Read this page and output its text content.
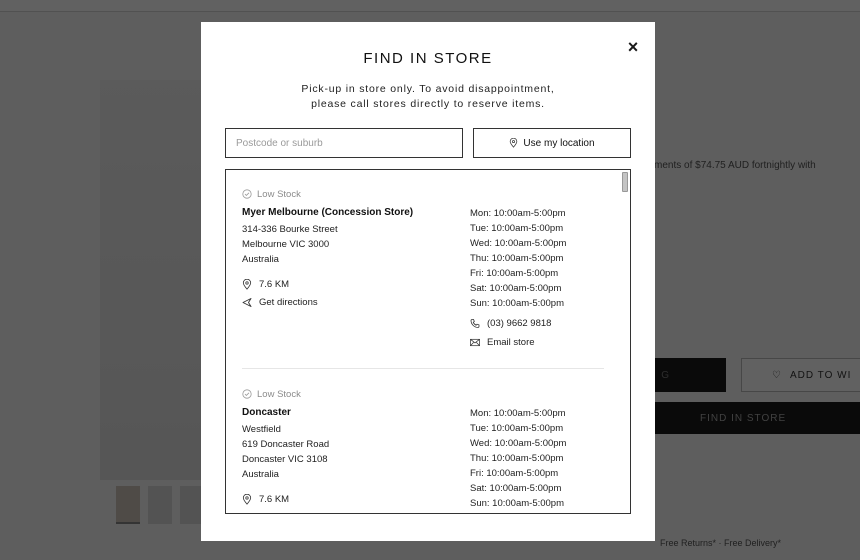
×
FIND IN STORE
Pick-up in store only. To avoid disappointment,
please call stores directly to reserve items.
Postcode or suburb
Use my location
Low Stock
Myer Melbourne (Concession Store)
314-336 Bourke Street
Melbourne VIC 3000
Australia
7.6 KM
Get directions
Mon: 10:00am-5:00pm
Tue: 10:00am-5:00pm
Wed: 10:00am-5:00pm
Thu: 10:00am-5:00pm
Fri: 10:00am-5:00pm
Sat: 10:00am-5:00pm
Sun: 10:00am-5:00pm
(03) 9662 9818
Email store
Low Stock
Doncaster
Westfield
619 Doncaster Road
Doncaster VIC 3108
Australia
7.6 KM
Mon: 10:00am-5:00pm
Tue: 10:00am-5:00pm
Wed: 10:00am-5:00pm
Thu: 10:00am-5:00pm
Fri: 10:00am-5:00pm
Sat: 10:00am-5:00pm
Sun: 10:00am-5:00pm
